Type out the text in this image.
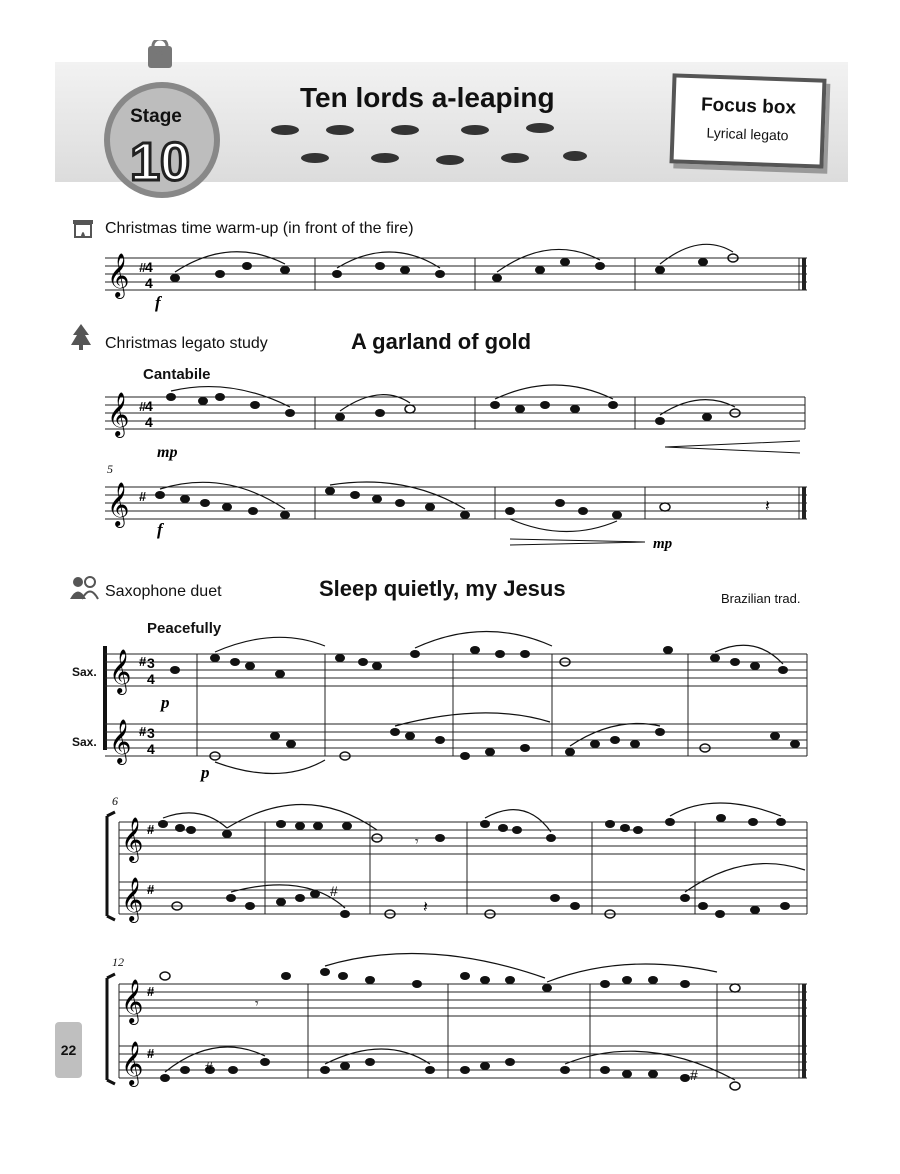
Stage
10
Ten lords a-leaping	Focus box
Lyrical legato
Christmas time warm-up (in front of the fire)
𝄞 #
4
4
f
Christmas legato study	A garland of gold
Cantabile
𝄞 #
4
4
mp
5
𝄞 #	𝄽
f
mp
Saxophone duet	Sleep quietly, my Jesus	Brazilian trad.
Peacefully
Sax.
Sax.
𝄞
𝄞
#
#
3
4
3
4
p
p
6
𝄞
𝄞
#
#	#
𝄾
𝄽
12
𝄞
𝄞
#
#
𝄾
#	#
22
